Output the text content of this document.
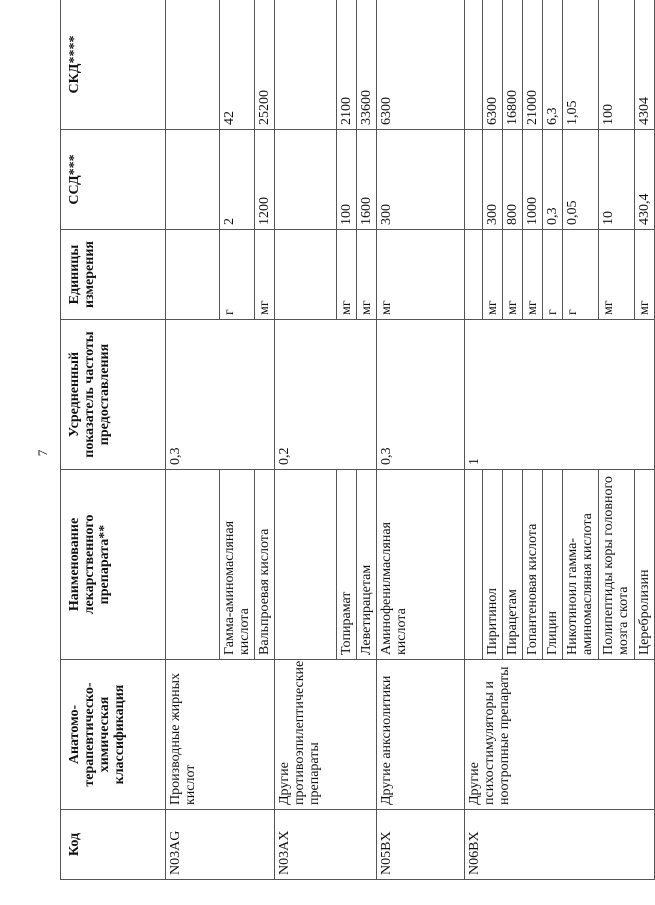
7
Код	Анатомо-терапевтическо-химическая классификация	Наименование лекарственного препарата**	Усредненный показатель частоты предоставления	Единицы измерения	ССД***	СКД****
N03AG	Производные жирных кислот		0,3			
		Гамма-аминомасляная кислота		г	2	42
		Вальпроевая кислота		мг	1200	25200
N03AX	Другие противоэпилептические препараты		0,2			
		Топирамат		мг	100	2100
		Леветирацетам		мг	1600	33600
N05BX	Другие анксиолитики	Аминофенилмасляная кислота	0,3	мг	300	6300
N06BX	Другие психостимуляторы и ноотропные препараты		1			
		Пиритинол		мг	300	6300
		Пирацетам		мг	800	16800
		Гопантеновая кислота		мг	1000	21000
		Глицин		г	0,3	6,3
		Никотиноил гамма-аминомасляная кислота		г	0,05	1,05
		Полипептиды коры головного мозга скота		мг	10	100
		Церебролизин		мг	430,4	4304
